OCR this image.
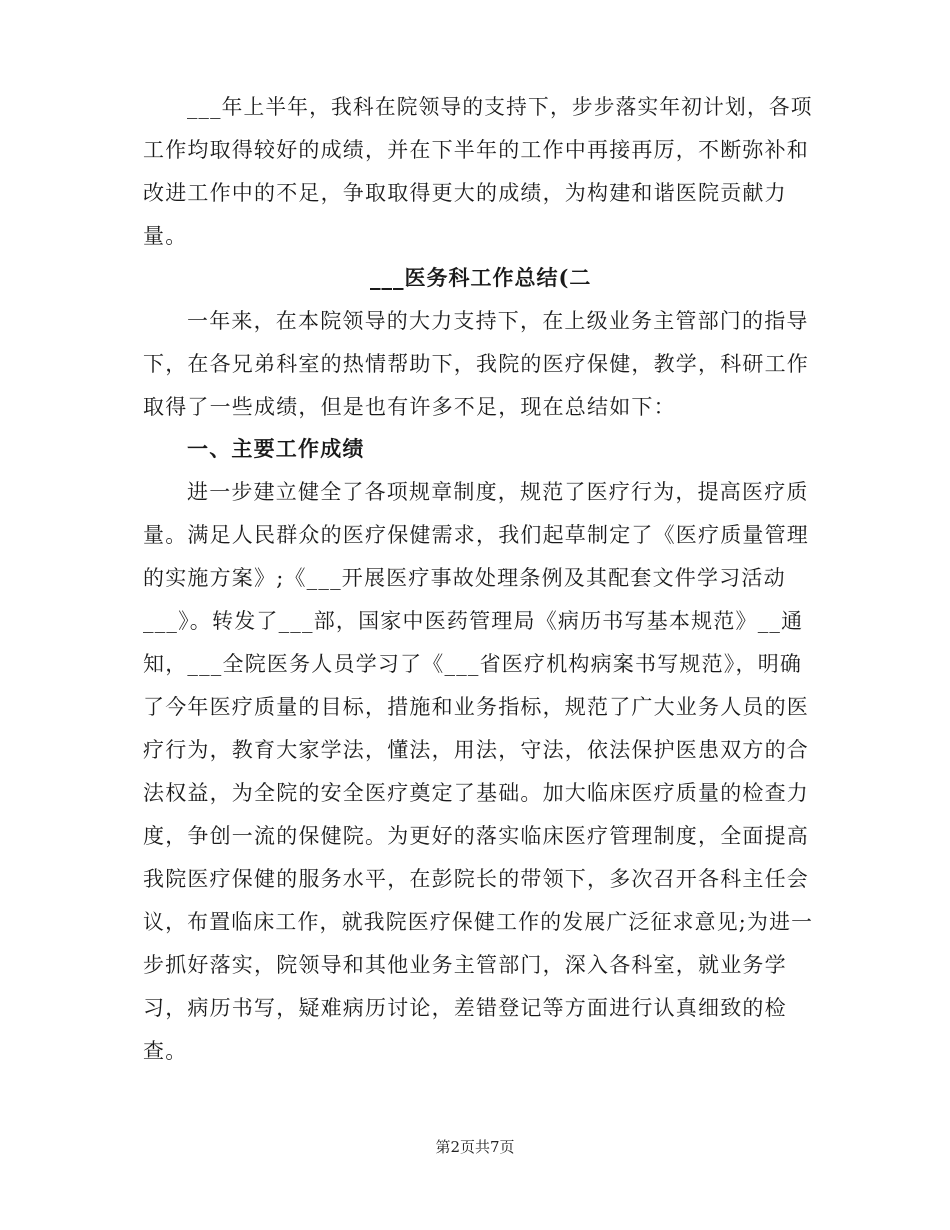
___年上半年，我科在院领导的支持下，步步落实年初计划，各项
工作均取得较好的成绩，并在下半年的工作中再接再厉，不断弥补和
改进工作中的不足，争取取得更大的成绩，为构建和谐医院贡献力
量。
___医务科工作总结(二
一年来，在本院领导的大力支持下，在上级业务主管部门的指导
下，在各兄弟科室的热情帮助下，我院的医疗保健，教学，科研工作
取得了一些成绩，但是也有许多不足，现在总结如下：
一、主要工作成绩
进一步建立健全了各项规章制度，规范了医疗行为，提高医疗质
量。满足人民群众的医疗保健需求，我们起草制定了《医疗质量管理
的实施方案》;《___开展医疗事故处理条例及其配套文件学习活动
___》。转发了___部，国家中医药管理局《病历书写基本规范》__通
知，___全院医务人员学习了《___省医疗机构病案书写规范》，明确
了今年医疗质量的目标，措施和业务指标，规范了广大业务人员的医
疗行为，教育大家学法，懂法，用法，守法，依法保护医患双方的合
法权益，为全院的安全医疗奠定了基础。加大临床医疗质量的检查力
度，争创一流的保健院。为更好的落实临床医疗管理制度，全面提高
我院医疗保健的服务水平，在彭院长的带领下，多次召开各科主任会
议，布置临床工作，就我院医疗保健工作的发展广泛征求意见;为进一
步抓好落实，院领导和其他业务主管部门，深入各科室，就业务学
习，病历书写，疑难病历讨论，差错登记等方面进行认真细致的检
查。
第2页共7页
